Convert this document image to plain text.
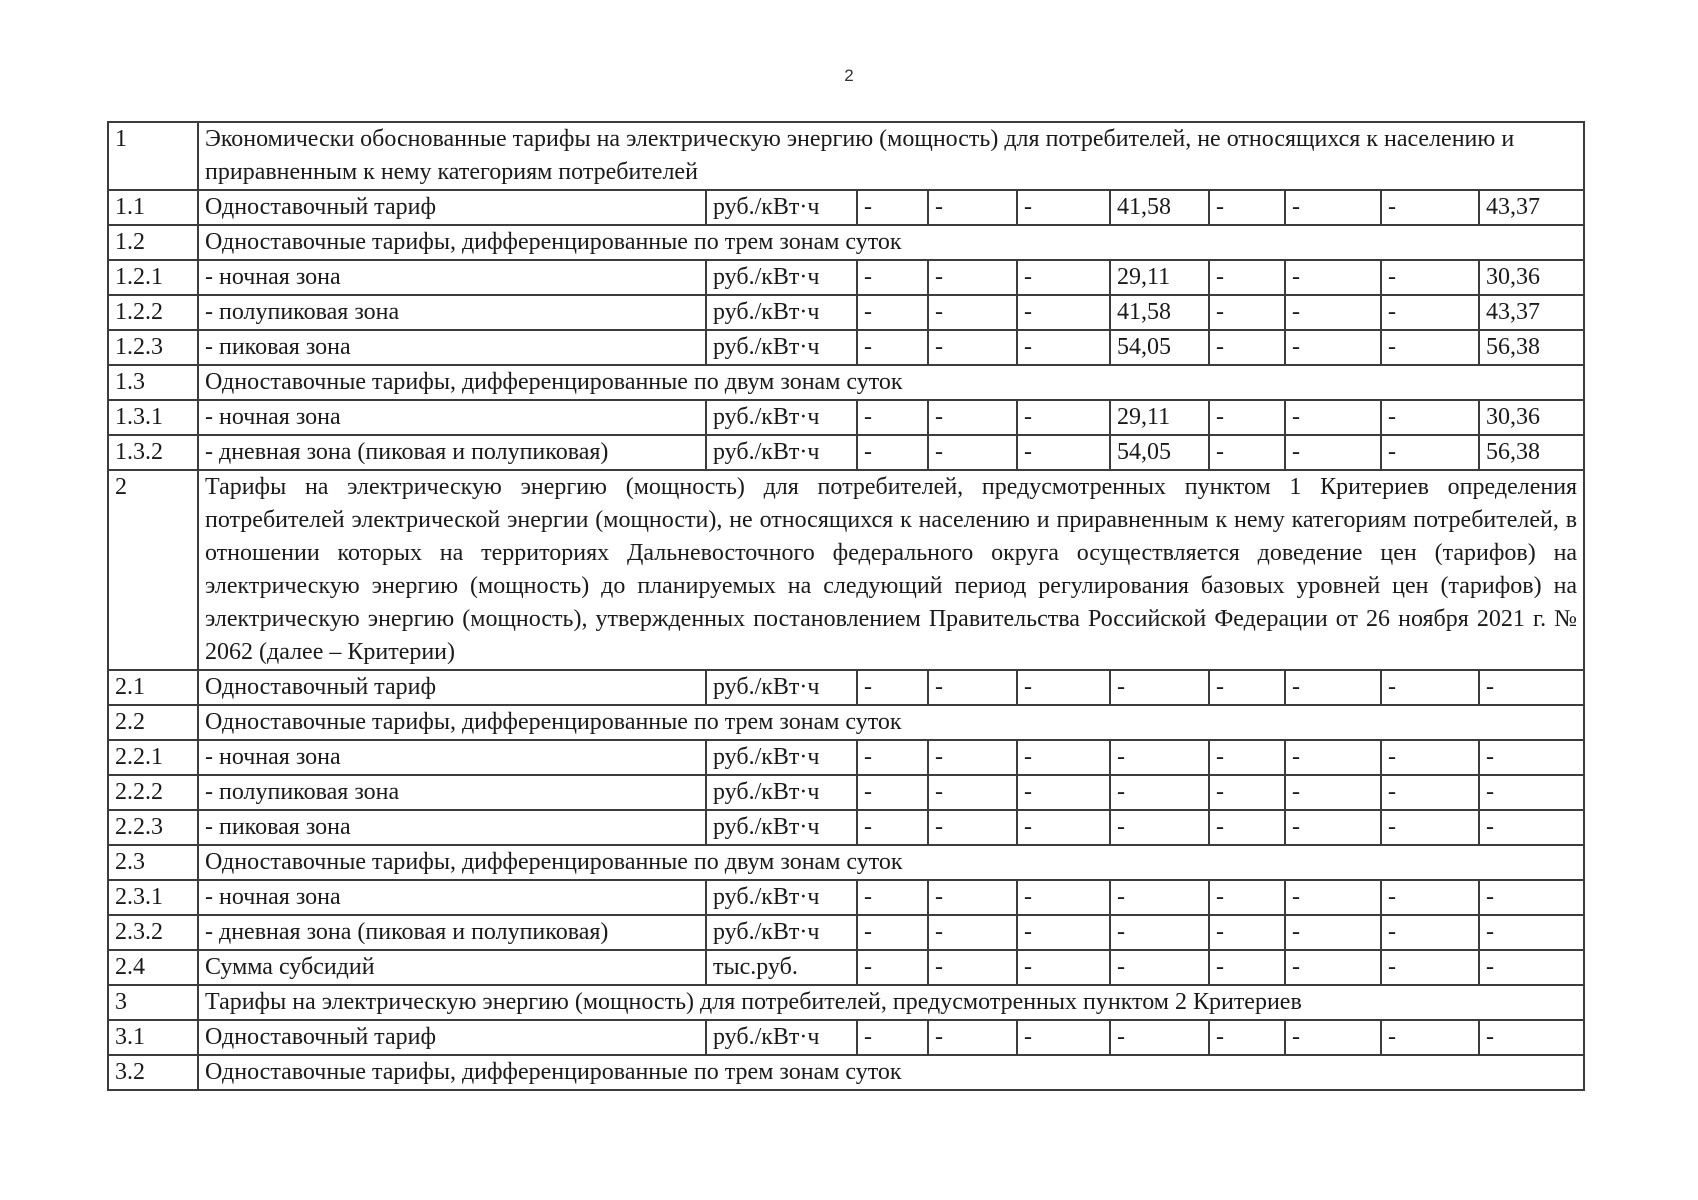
2
1	Экономически обоснованные тарифы на электрическую энергию (мощность) для потребителей, не относящихся к населению и приравненным к нему категориям потребителей									
1.1	Одноставочный тариф	руб./кВт·ч	-	-	-	41,58	-	-	-	43,37
1.2	Одноставочные тарифы, дифференцированные по трем зонам суток									
1.2.1	- ночная зона	руб./кВт·ч	-	-	-	29,11	-	-	-	30,36
1.2.2	- полупиковая зона	руб./кВт·ч	-	-	-	41,58	-	-	-	43,37
1.2.3	- пиковая зона	руб./кВт·ч	-	-	-	54,05	-	-	-	56,38
1.3	Одноставочные тарифы, дифференцированные по двум зонам суток									
1.3.1	- ночная зона	руб./кВт·ч	-	-	-	29,11	-	-	-	30,36
1.3.2	- дневная зона (пиковая и полупиковая)	руб./кВт·ч	-	-	-	54,05	-	-	-	56,38
2	Тарифы на электрическую энергию (мощность) для потребителей, предусмотренных пунктом 1 Критериев определения потребителей электрической энергии (мощности), не относящихся к населению и приравненным к нему категориям потребителей, в отношении которых на территориях Дальневосточного федерального округа осуществляется доведение цен (тарифов) на электрическую энергию (мощность) до планируемых на следующий период регулирования базовых уровней цен (тарифов) на электрическую энергию (мощность), утвержденных постановлением Правительства Российской Федерации от 26 ноября 2021 г. № 2062 (далее – Критерии)									
2.1	Одноставочный тариф	руб./кВт·ч	-	-	-	-	-	-	-	-
2.2	Одноставочные тарифы, дифференцированные по трем зонам суток									
2.2.1	- ночная зона	руб./кВт·ч	-	-	-	-	-	-	-	-
2.2.2	- полупиковая зона	руб./кВт·ч	-	-	-	-	-	-	-	-
2.2.3	- пиковая зона	руб./кВт·ч	-	-	-	-	-	-	-	-
2.3	Одноставочные тарифы, дифференцированные по двум зонам суток									
2.3.1	- ночная зона	руб./кВт·ч	-	-	-	-	-	-	-	-
2.3.2	- дневная зона (пиковая и полупиковая)	руб./кВт·ч	-	-	-	-	-	-	-	-
2.4	Сумма субсидий	тыс.руб.	-	-	-	-	-	-	-	-
3	Тарифы на электрическую энергию (мощность) для потребителей, предусмотренных пунктом 2 Критериев									
3.1	Одноставочный тариф	руб./кВт·ч	-	-	-	-	-	-	-	-
3.2	Одноставочные тарифы, дифференцированные по трем зонам суток									
